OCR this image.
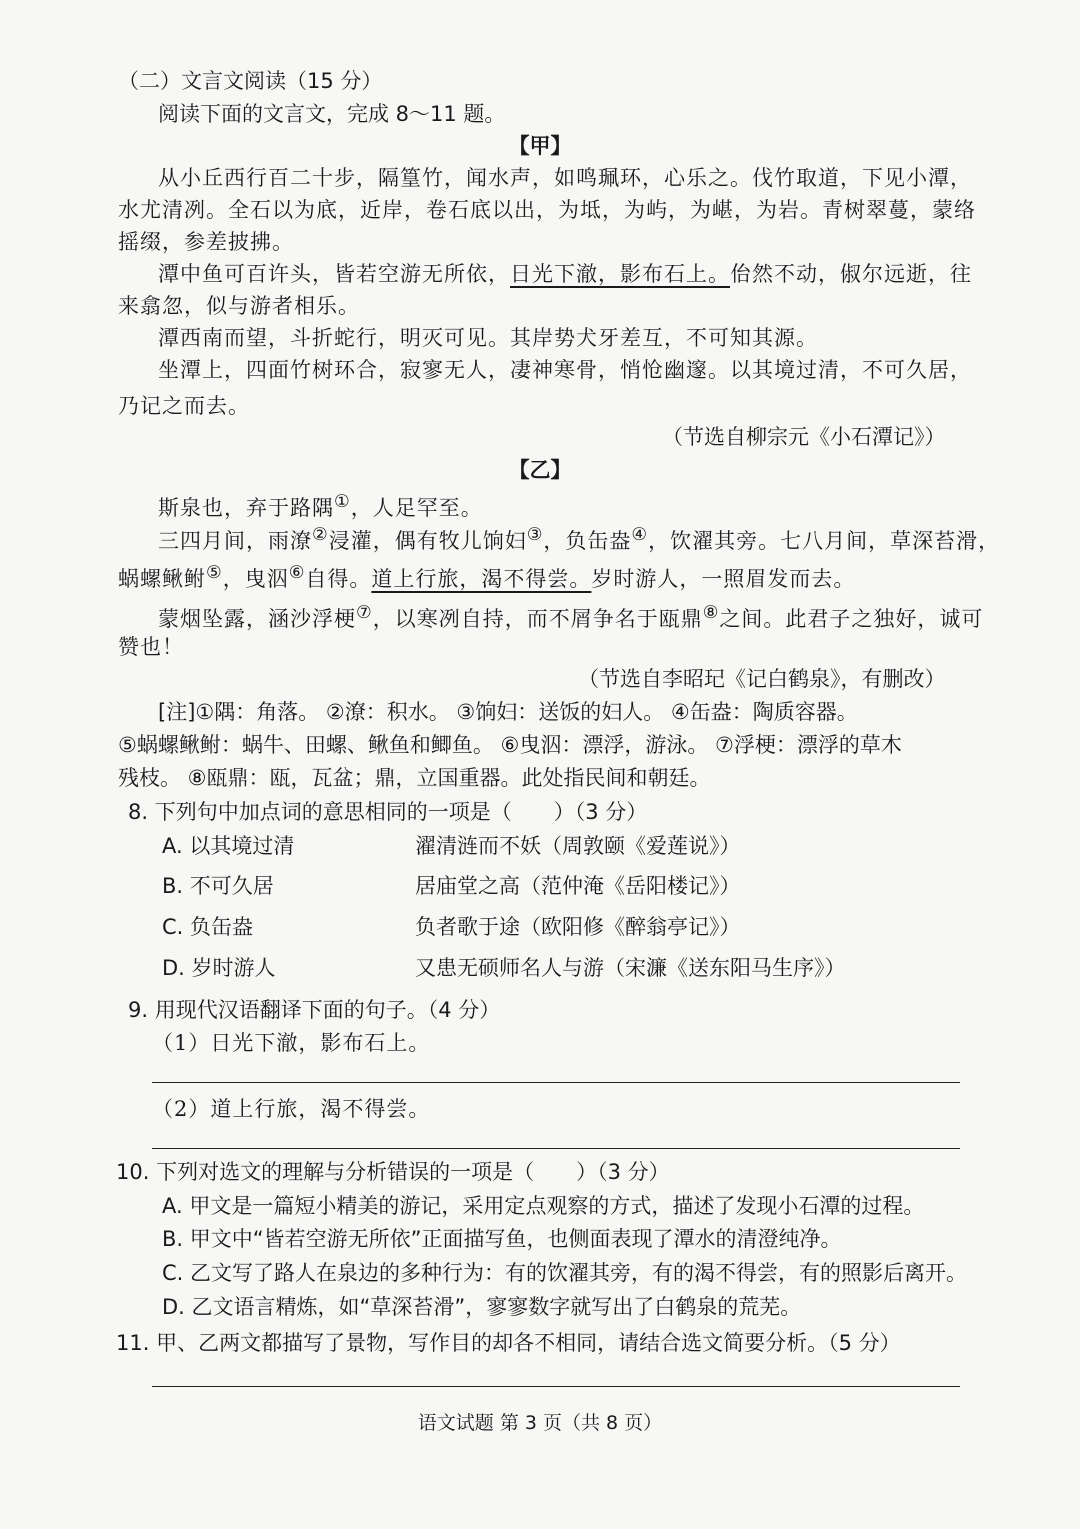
（二）文言文阅读（15 分）
阅读下面的文言文，完成 8～11 题。
【甲】
从小丘西行百二十步，隔篁竹，闻水声，如鸣珮环，心乐之。伐竹取道，下见小潭，
水尤清冽。全石以为底，近岸，卷石底以出，为坻，为屿，为嵁，为岩。青树翠蔓，蒙络
摇缀，参差披拂。
潭中鱼可百许头，皆若空游无所依，日光下澈，影布石上。佁然不动，俶尔远逝，往
来翕忽，似与游者相乐。
潭西南而望，斗折蛇行，明灭可见。其岸势犬牙差互，不可知其源。
坐潭上，四面竹树环合，寂寥无人，凄神寒骨，悄怆幽邃。以其境过清，不可久居，
乃记之而去。
（节选自柳宗元《小石潭记》）
【乙】
斯泉也，弃于路隅①，人足罕至。
三四月间，雨潦②浸灌，偶有牧儿饷妇③，负缶盎④，饮濯其旁。七八月间，草深苔滑，
蜗螺鳅鲋⑤，曳泅⑥自得。道上行旅，渴不得尝。岁时游人，一照眉发而去。
蒙烟坠露，涵沙浮梗⑦，以寒冽自持，而不屑争名于瓯鼎⑧之间。此君子之独好，诚可
赞也！
（节选自李昭玘《记白鹤泉》，有删改）
[注]①隅：角落。 ②潦：积水。 ③饷妇：送饭的妇人。 ④缶盎：陶质容器。
⑤蜗螺鳅鲋：蜗牛、田螺、鳅鱼和鲫鱼。 ⑥曳泅：漂浮，游泳。 ⑦浮梗：漂浮的草木
残枝。 ⑧瓯鼎：瓯，瓦盆；鼎，立国重器。此处指民间和朝廷。
8. 下列句中加点词的意思相同的一项是（　　）（3 分）
A. 以其境过清	濯清涟而不妖（周敦颐《爱莲说》）
B. 不可久居	居庙堂之高（范仲淹《岳阳楼记》）
C. 负缶盎	负者歌于途（欧阳修《醉翁亭记》）
D. 岁时游人	又患无硕师名人与游（宋濂《送东阳马生序》）
9. 用现代汉语翻译下面的句子。（4 分）
（1）日光下澈，影布石上。
（2）道上行旅，渴不得尝。
10. 下列对选文的理解与分析错误的一项是（　　）（3 分）
A. 甲文是一篇短小精美的游记，采用定点观察的方式，描述了发现小石潭的过程。
B. 甲文中“皆若空游无所依”正面描写鱼，也侧面表现了潭水的清澄纯净。
C. 乙文写了路人在泉边的多种行为：有的饮濯其旁，有的渴不得尝，有的照影后离开。
D. 乙文语言精炼，如“草深苔滑”，寥寥数字就写出了白鹤泉的荒芜。
11. 甲、乙两文都描写了景物，写作目的却各不相同，请结合选文简要分析。（5 分）
语文试题 第 3 页（共 8 页）
